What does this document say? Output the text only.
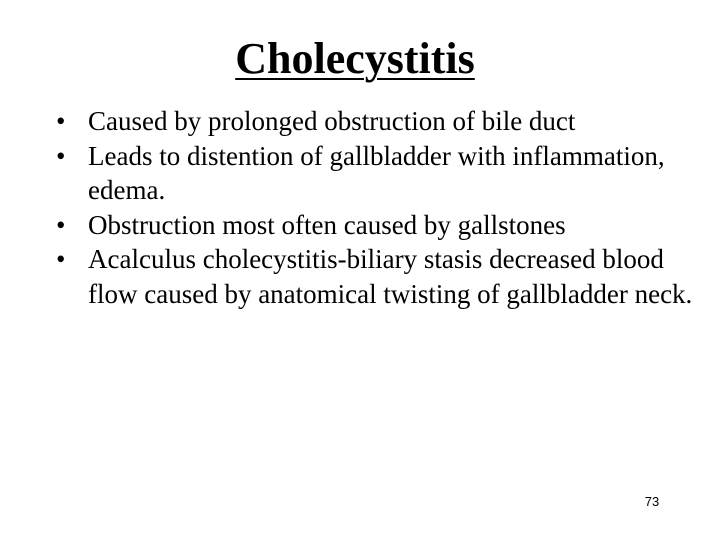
Cholecystitis
• Caused by prolonged obstruction of bile duct
• Leads to distention of gallbladder with inflammation, edema.
• Obstruction most often caused by gallstones
• Acalculus cholecystitis-biliary stasis decreased blood flow caused by anatomical twisting of gallbladder neck.
73
